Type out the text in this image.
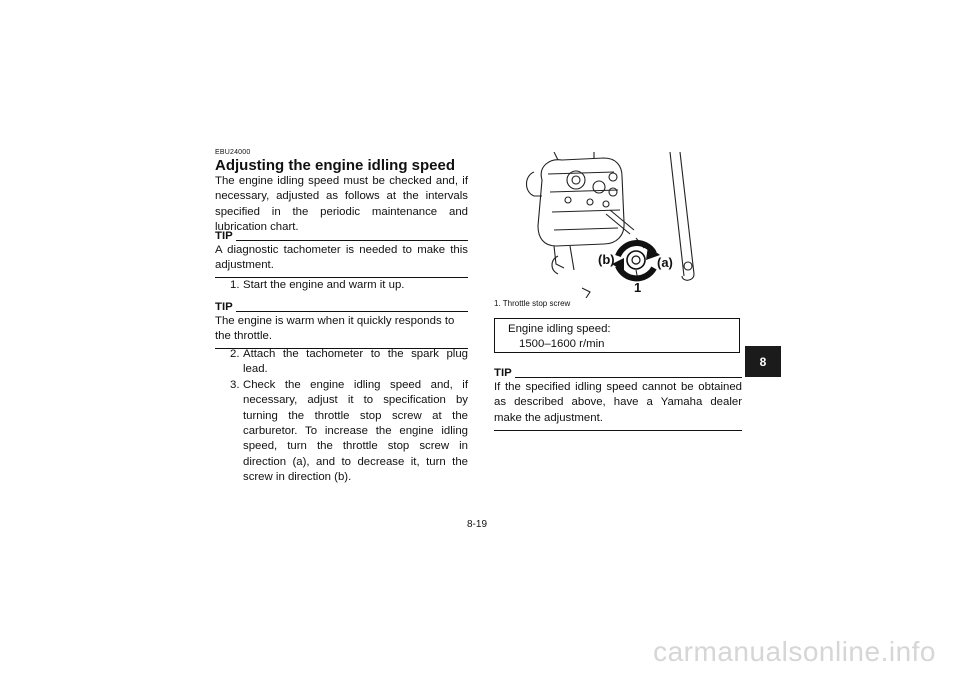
EBU24000
Adjusting the engine idling speed

The engine idling speed must be checked and, if necessary, adjusted as follows at the intervals specified in the periodic maintenance and lubrication chart.

TIP
A diagnostic tachometer is needed to make this adjustment.
1. Start the engine and warm it up.
TIP
The engine is warm when it quickly responds to the throttle.
2. Attach the tachometer to the spark plug lead.
3. Check the engine idling speed and, if necessary, adjust it to specification by turning the throttle stop screw at the carburetor. To increase the engine idling speed, turn the throttle stop screw in direction (a), and to decrease it, turn the screw in direction (b).
(b)	(a)
1
1. Throttle stop screw
Engine idling speed:
1500–1600 r/min
TIP
If the specified idling speed cannot be obtained as described above, have a Yamaha dealer make the adjustment.
8-19
8
carmanualsonline.info
